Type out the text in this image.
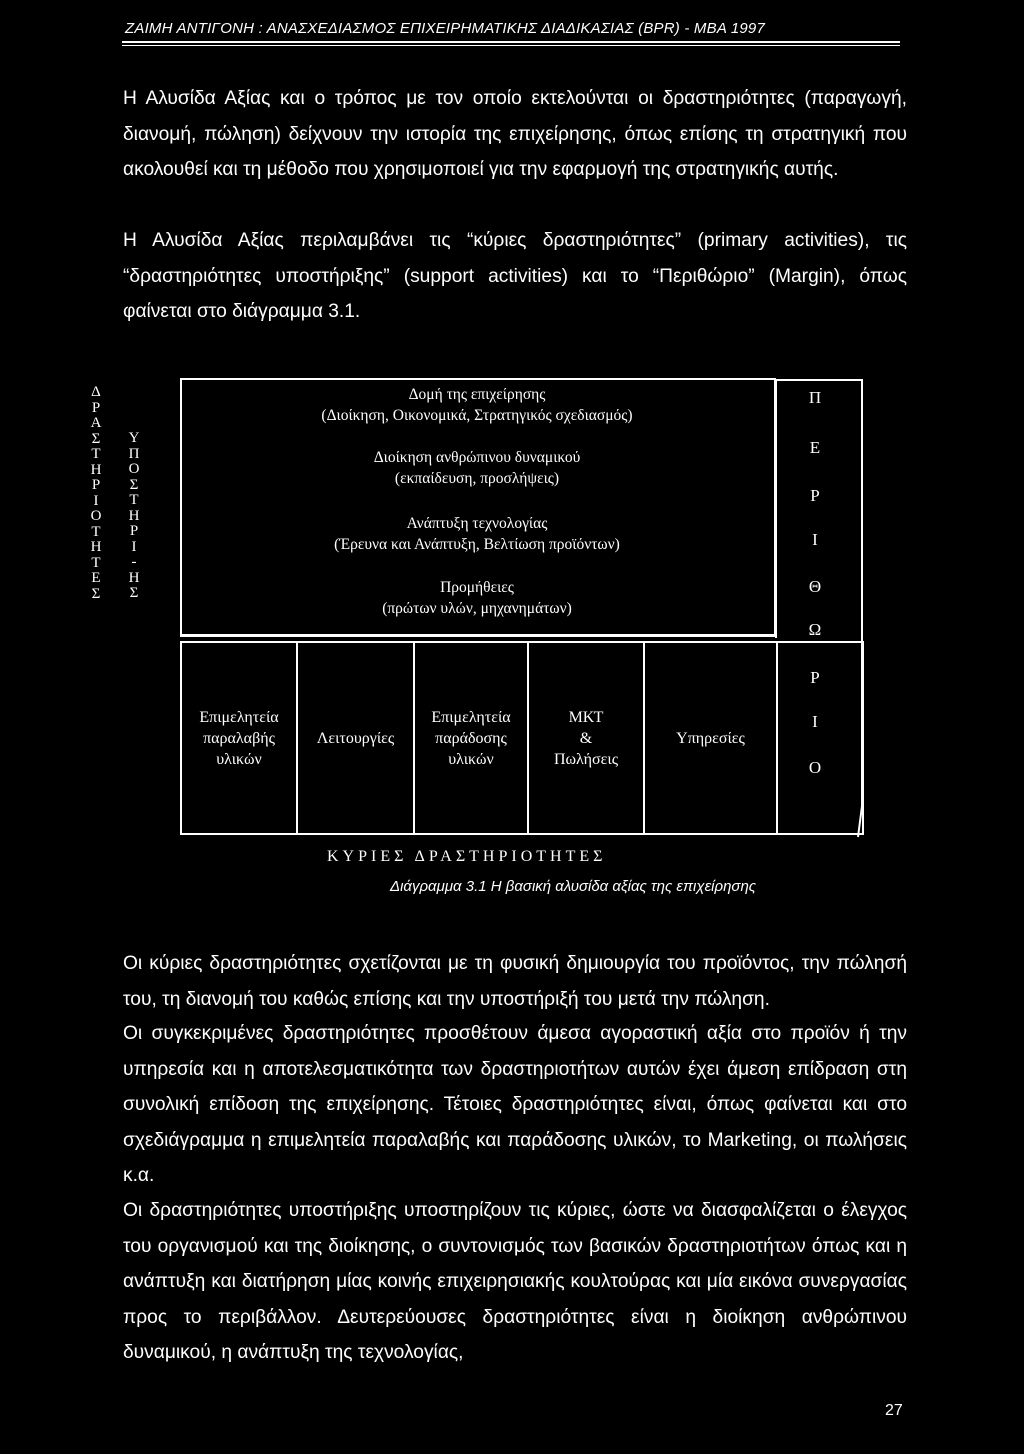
ΖΑΙΜΗ ΑΝΤΙΓΟΝΗ : ΑΝΑΣΧΕΔΙΑΣΜΟΣ ΕΠΙΧΕΙΡΗΜΑΤΙΚΗΣ ΔΙΑΔΙΚΑΣΙΑΣ (BPR) - ΜΒΑ 1997
Η Αλυσίδα Αξίας και ο τρόπος με τον οποίο εκτελούνται οι δραστηριότητες (παραγωγή, διανομή, πώληση) δείχνουν την ιστορία της επιχείρησης, όπως επίσης τη στρατηγική που ακολουθεί και τη μέθοδο που χρησιμοποιεί για την εφαρμογή της στρατηγικής αυτής.
Η Αλυσίδα Αξίας περιλαμβάνει τις “κύριες δραστηριότητες” (primary activities), τις “δραστηριότητες υποστήριξης” (support activities) και το “Περιθώριο” (Margin), όπως φαίνεται στο διάγραμμα 3.1.
Δ
Ρ
Α
Σ
Τ
Η
Ρ
Ι
Ο
Τ
Η
Τ
Ε
Σ
Υ
Π
Ο
Σ
Τ
Η
Ρ
Ι
-
Η
Σ
Δομή της επιχείρησης
(Διοίκηση, Οικονομικά, Στρατηγικός σχεδιασμός)
Διοίκηση ανθρώπινου δυναμικού
(εκπαίδευση, προσλήψεις)
Ανάπτυξη τεχνολογίας
(Έρευνα και Ανάπτυξη, Βελτίωση προϊόντων)
Προμήθειες
(πρώτων υλών, μηχανημάτων)
Επιμελητεία
παραλαβής
υλικών
Λειτουργίες
Επιμελητεία
παράδοσης
υλικών
ΜΚΤ
&
Πωλήσεις
Υπηρεσίες
Π
Ε
Ρ
Ι
Θ
Ω
Ρ
Ι
Ο
ΚΥΡΙΕΣ ΔΡΑΣΤΗΡΙΟΤΗΤΕΣ
Διάγραμμα 3.1 Η βασική αλυσίδα αξίας της επιχείρησης
Οι κύριες δραστηριότητες σχετίζονται με τη φυσική δημιουργία του προϊόντος, την πώλησή του, τη διανομή του καθώς επίσης και την υποστήριξή του μετά την πώληση.
Οι συγκεκριμένες δραστηριότητες προσθέτουν άμεσα αγοραστική αξία στο προϊόν ή την υπηρεσία και η αποτελεσματικότητα των δραστηριοτήτων αυτών έχει άμεση επίδραση στη συνολική επίδοση της επιχείρησης. Τέτοιες δραστηριότητες είναι, όπως φαίνεται και στο σχεδιάγραμμα η επιμελητεία παραλαβής και παράδοσης υλικών, το Marketing, οι πωλήσεις κ.α.
Οι δραστηριότητες υποστήριξης υποστηρίζουν τις κύριες, ώστε να διασφαλίζεται ο έλεγχος του οργανισμού και της διοίκησης, ο συντονισμός των βασικών δραστηριοτήτων όπως και η ανάπτυξη και διατήρηση μίας κοινής επιχειρησιακής κουλτούρας και μία εικόνα συνεργασίας προς το περιβάλλον. Δευτερεύουσες δραστηριότητες είναι η διοίκηση ανθρώπινου δυναμικού, η ανάπτυξη της τεχνολογίας,
27
